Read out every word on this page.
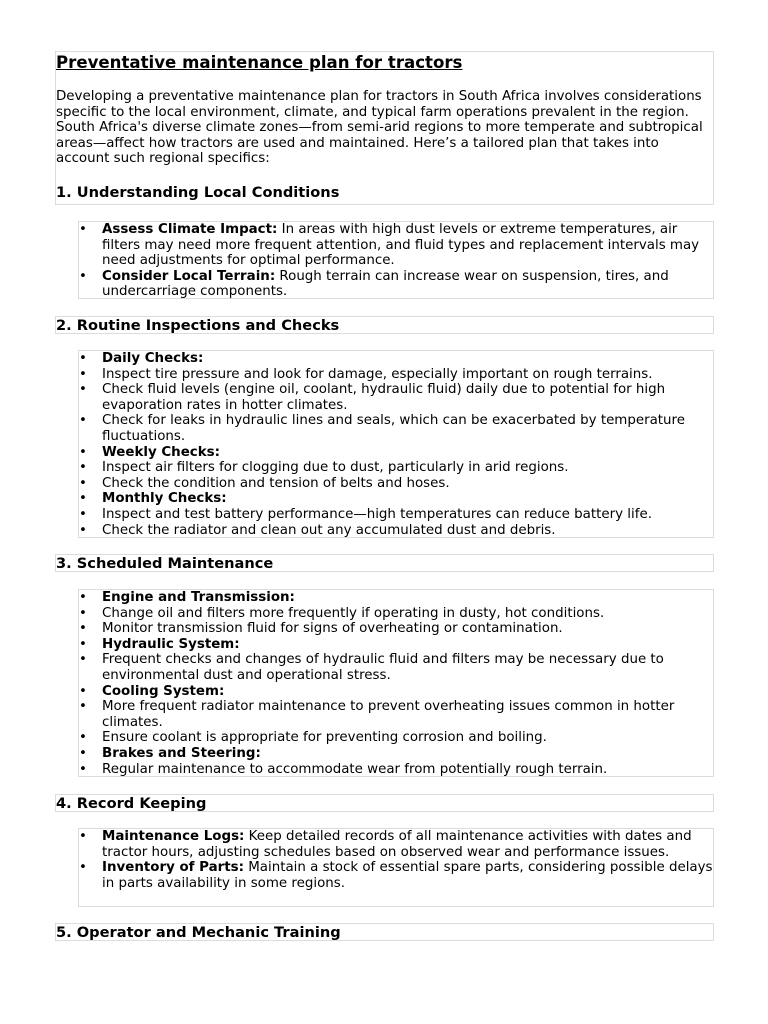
Preventative maintenance plan for tractors

Developing a preventative maintenance plan for tractors in South Africa involves considerations specific to the local environment, climate, and typical farm operations prevalent in the region. South Africa's diverse climate zones—from semi-arid regions to more temperate and subtropical areas—affect how tractors are used and maintained. Here’s a tailored plan that takes into account such regional specifics:

1. Understanding Local Conditions
• Assess Climate Impact: In areas with high dust levels or extreme temperatures, air filters may need more frequent attention, and fluid types and replacement intervals may need adjustments for optimal performance.
• Consider Local Terrain: Rough terrain can increase wear on suspension, tires, and undercarriage components.
2. Routine Inspections and Checks
• Daily Checks:
• Inspect tire pressure and look for damage, especially important on rough terrains.
• Check fluid levels (engine oil, coolant, hydraulic fluid) daily due to potential for high evaporation rates in hotter climates.
• Check for leaks in hydraulic lines and seals, which can be exacerbated by temperature fluctuations.
• Weekly Checks:
• Inspect air filters for clogging due to dust, particularly in arid regions.
• Check the condition and tension of belts and hoses.
• Monthly Checks:
• Inspect and test battery performance—high temperatures can reduce battery life.
• Check the radiator and clean out any accumulated dust and debris.
3. Scheduled Maintenance
• Engine and Transmission:
• Change oil and filters more frequently if operating in dusty, hot conditions.
• Monitor transmission fluid for signs of overheating or contamination.
• Hydraulic System:
• Frequent checks and changes of hydraulic fluid and filters may be necessary due to environmental dust and operational stress.
• Cooling System:
• More frequent radiator maintenance to prevent overheating issues common in hotter climates.
• Ensure coolant is appropriate for preventing corrosion and boiling.
• Brakes and Steering:
• Regular maintenance to accommodate wear from potentially rough terrain.
4. Record Keeping
• Maintenance Logs: Keep detailed records of all maintenance activities with dates and tractor hours, adjusting schedules based on observed wear and performance issues.
• Inventory of Parts: Maintain a stock of essential spare parts, considering possible delays in parts availability in some regions.
5. Operator and Mechanic Training
